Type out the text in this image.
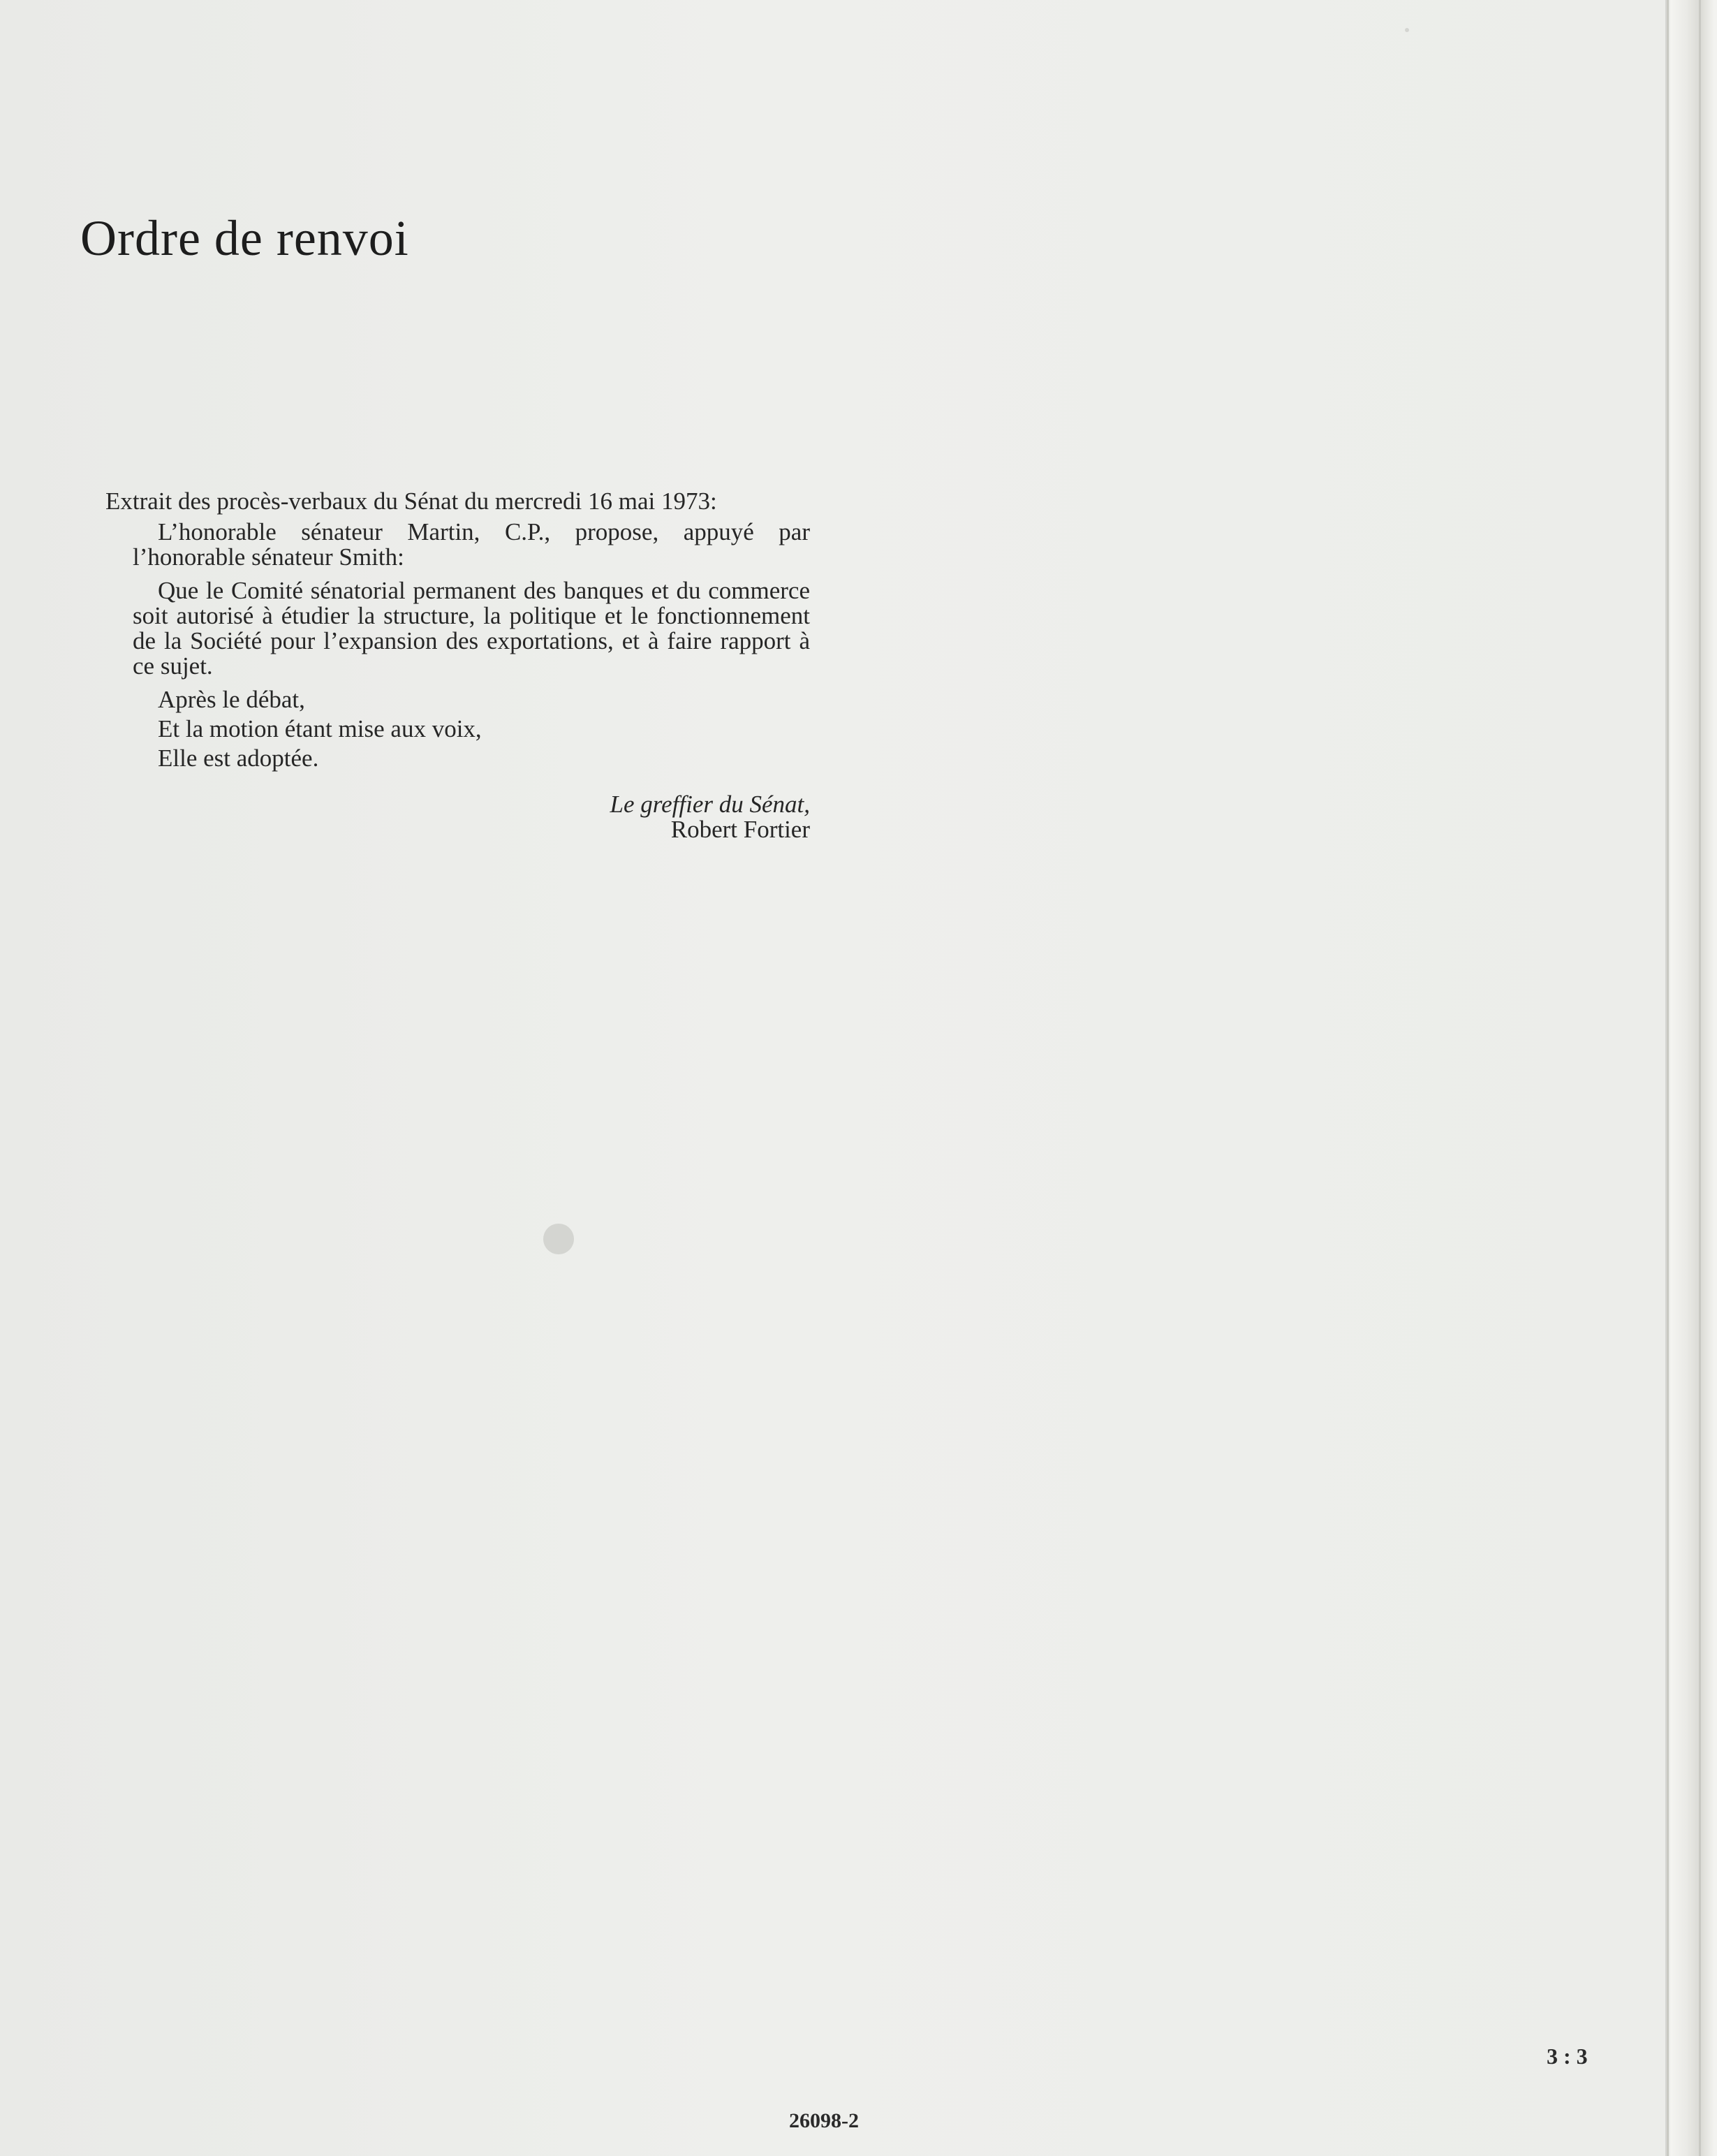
Ordre de renvoi

Extrait des procès-verbaux du Sénat du mercredi 16 mai 1973:

L’honorable sénateur Martin, C.P., propose, appuyé par l’honorable sénateur Smith:

Que le Comité sénatorial permanent des banques et du commerce soit autorisé à étudier la structure, la politique et le fonctionnement de la Société pour l’expansion des exportations, et à faire rapport à ce sujet.

Après le débat,

Et la motion étant mise aux voix,

Elle est adoptée.

Le greffier du Sénat,
Robert Fortier
3 : 3
26098-2
